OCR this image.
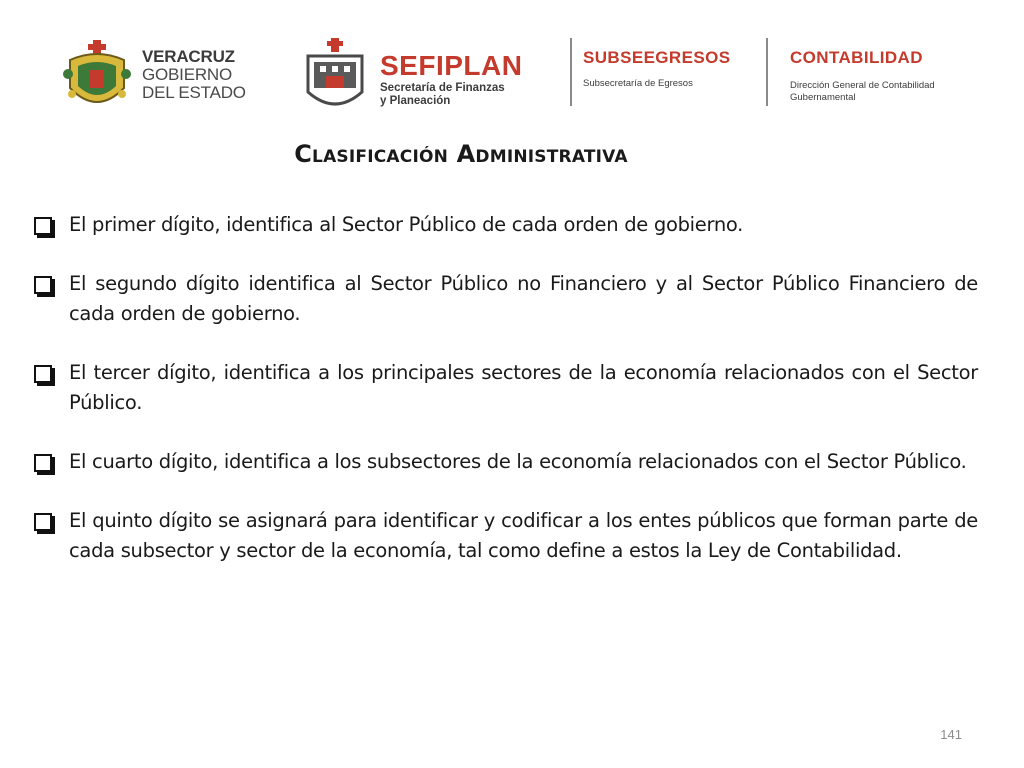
VERACRUZ
GOBIERNO
DEL ESTADO
SEFIPLAN
Secretaría de Finanzas
y Planeación
SUBSEEGRESOS
Subsecretaría de Egresos
CONTABILIDAD
Dirección General de Contabilidad
Gubernamental
Clasificación Administrativa
El primer dígito, identifica al Sector Público de cada orden de gobierno.
El segundo dígito identifica al Sector Público no Financiero y al Sector Público Financiero de cada orden de gobierno.
El tercer dígito, identifica a los principales sectores de la economía relacionados con el Sector Público.
El cuarto dígito, identifica a los subsectores de la economía relacionados con el Sector Público.
El quinto dígito se asignará para identificar y codificar a los entes públicos que forman parte de cada subsector y sector de la economía, tal como define a estos la Ley de Contabilidad.
141
